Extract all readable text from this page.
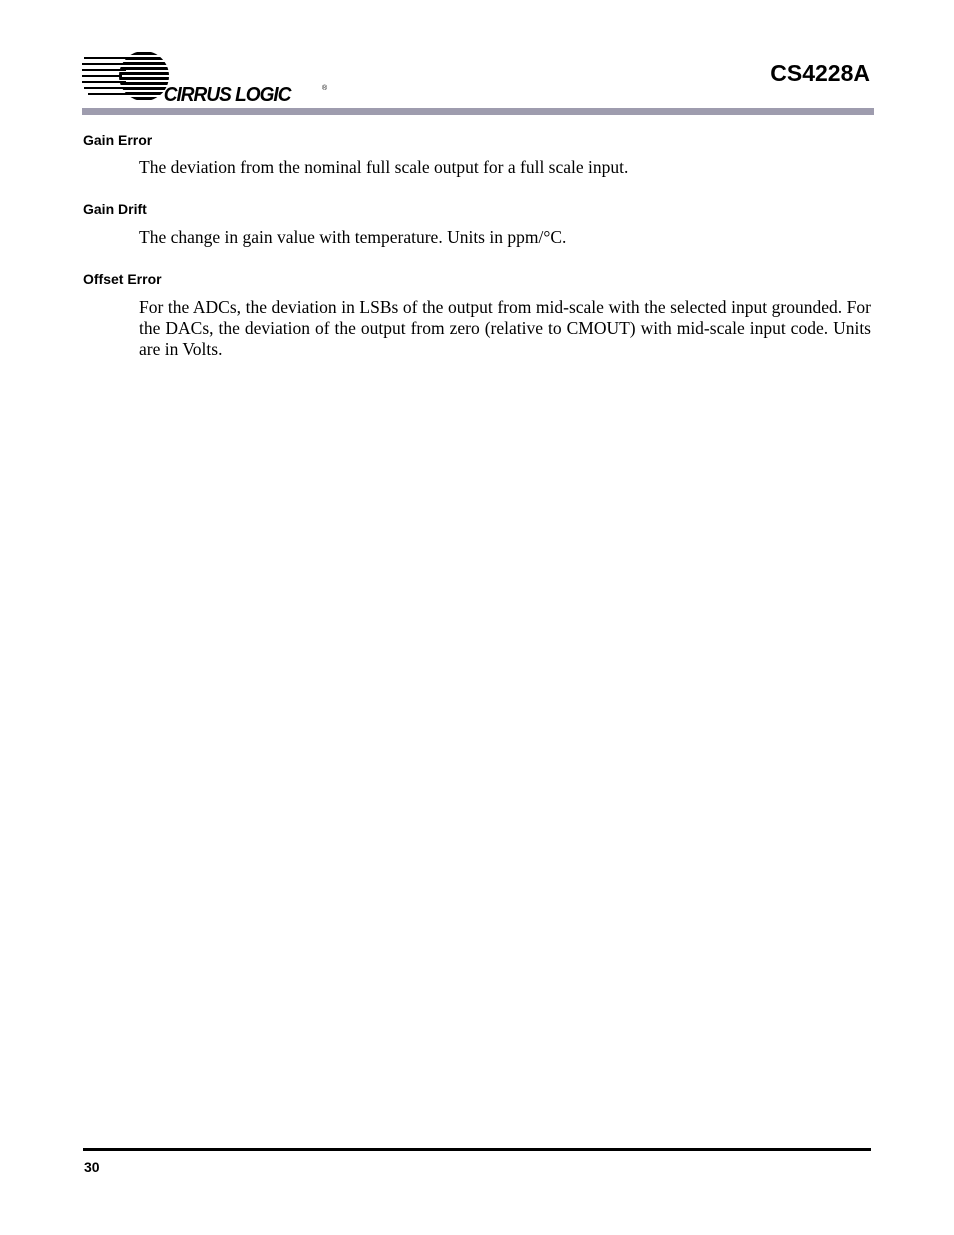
CIRRUS LOGIC	®
CS4228A
Gain Error

The deviation from the nominal full scale output for a full scale input.

Gain Drift

The change in gain value with temperature. Units in ppm/°C.

Offset Error

For the ADCs, the deviation in LSBs of the output from mid-scale with the selected input grounded. For the DACs, the deviation of the output from zero (relative to CMOUT) with mid-scale input code. Units are in Volts.

30
